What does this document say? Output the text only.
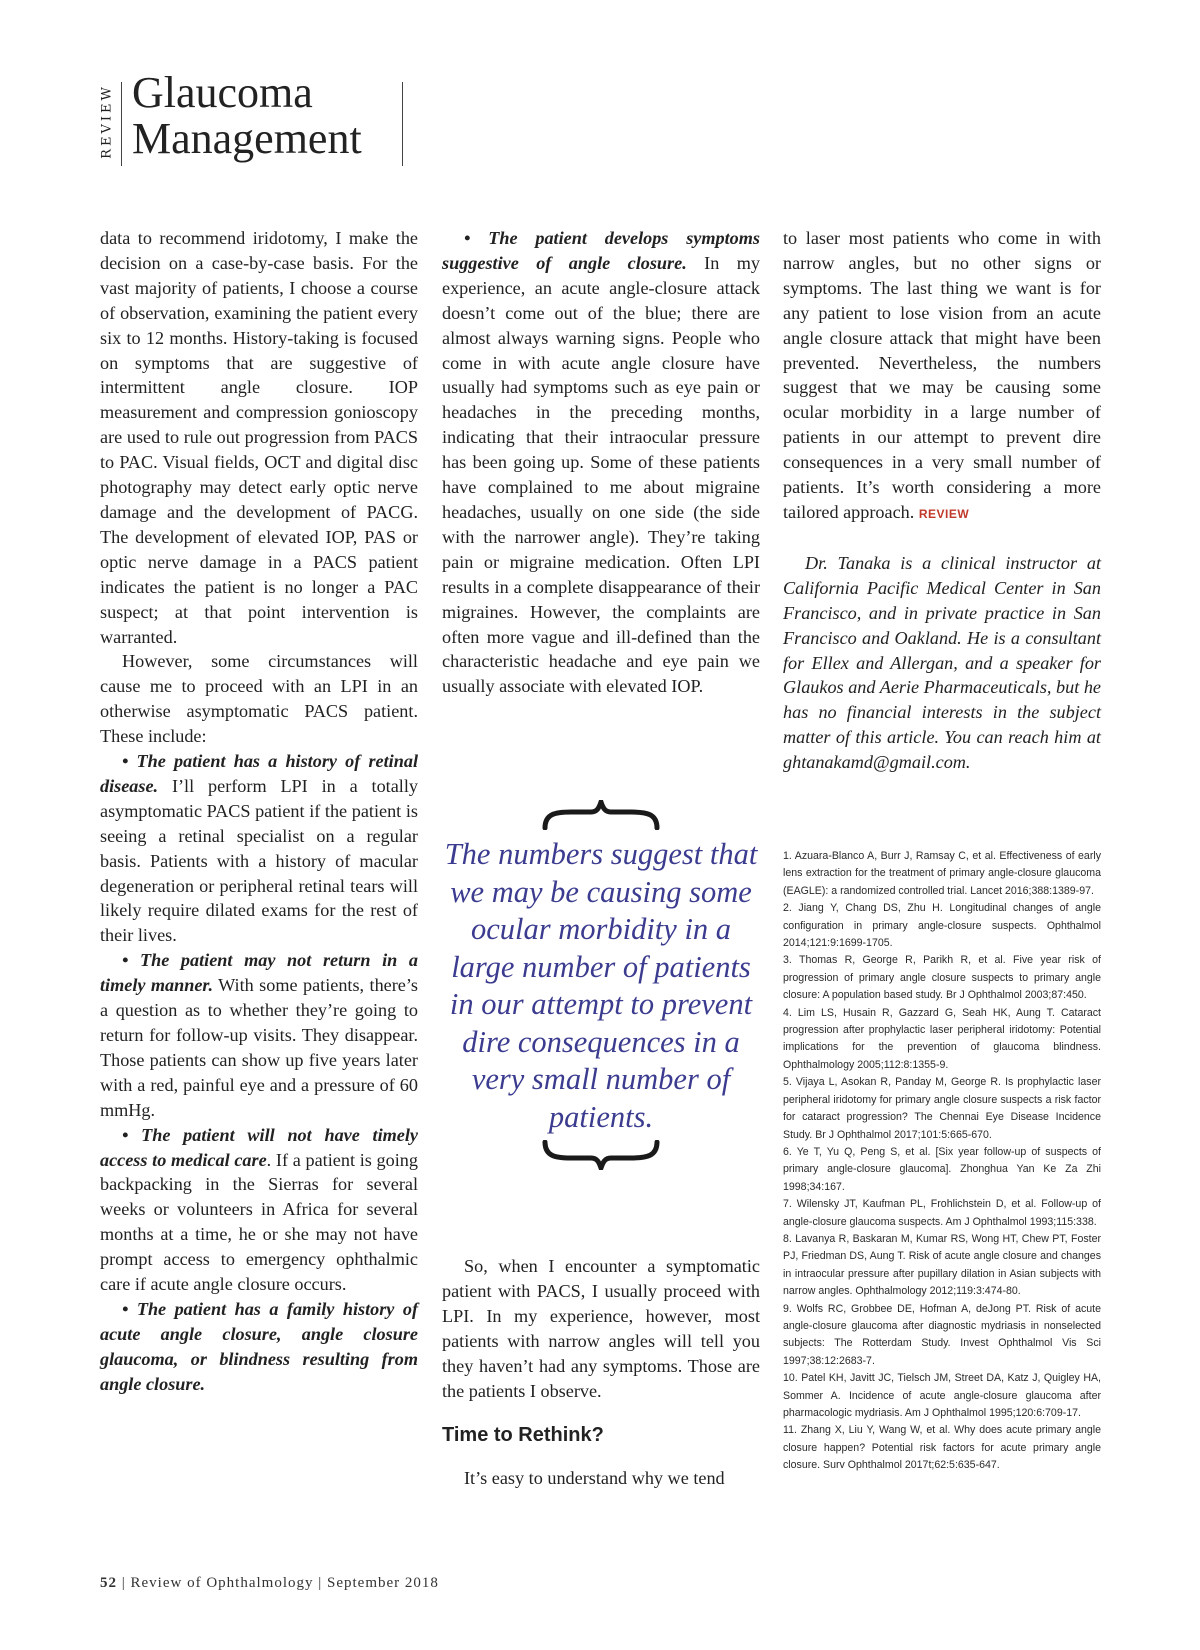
REVIEW Glaucoma
Management

data to recommend iridotomy, I make the decision on a case-by-case basis. For the vast majority of patients, I choose a course of observation, examining the patient every six to 12 months. History-taking is focused on symptoms that are suggestive of intermittent angle closure. IOP measurement and compression gonioscopy are used to rule out progression from PACS to PAC. Visual fields, OCT and digital disc photography may detect early optic nerve damage and the development of PACG. The development of elevated IOP, PAS or optic nerve damage in a PACS patient indicates the patient is no longer a PAC suspect; at that point intervention is warranted.

However, some circumstances will cause me to proceed with an LPI in an otherwise asymptomatic PACS patient. These include:

• The patient has a history of retinal disease. I’ll perform LPI in a totally asymptomatic PACS patient if the patient is seeing a retinal specialist on a regular basis. Patients with a history of macular degeneration or peripheral retinal tears will likely require dilated exams for the rest of their lives.

• The patient may not return in a timely manner. With some patients, there’s a question as to whether they’re going to return for follow-up visits. They disappear. Those patients can show up five years later with a red, painful eye and a pressure of 60 mmHg.

• The patient will not have timely access to medical care. If a patient is going backpacking in the Sierras for several weeks or volunteers in Africa for several months at a time, he or she may not have prompt access to emergency ophthalmic care if acute angle closure occurs.

• The patient has a family history of acute angle closure, angle closure glaucoma, or blindness resulting from angle closure.

• The patient develops symptoms suggestive of angle closure. In my experience, an acute angle-closure attack doesn’t come out of the blue; there are almost always warning signs. People who come in with acute angle closure have usually had symptoms such as eye pain or headaches in the preceding months, indicating that their intraocular pressure has been going up. Some of these patients have complained to me about migraine headaches, usually on one side (the side with the narrower angle). They’re taking pain or migraine medication. Often LPI results in a complete disappearance of their migraines. However, the complaints are often more vague and ill-defined than the characteristic headache and eye pain we usually associate with elevated IOP.

The numbers suggest that we may be causing some ocular morbidity in a large number of patients in our attempt to prevent dire consequences in a very small number of patients.

So, when I encounter a symptomatic patient with PACS, I usually proceed with LPI. In my experience, however, most patients with narrow angles will tell you they haven’t had any symptoms. Those are the patients I observe.

Time to Rethink?

It’s easy to understand why we tend

to laser most patients who come in with narrow angles, but no other signs or symptoms. The last thing we want is for any patient to lose vision from an acute angle closure attack that might have been prevented. Nevertheless, the numbers suggest that we may be causing some ocular morbidity in a large number of patients in our attempt to prevent dire consequences in a very small number of patients. It’s worth considering a more tailored approach. REVIEW

Dr. Tanaka is a clinical instructor at California Pacific Medical Center in San Francisco, and in private practice in San Francisco and Oakland. He is a consultant for Ellex and Allergan, and a speaker for Glaukos and Aerie Pharmaceuticals, but he has no financial interests in the subject matter of this article. You can reach him at ghtanakamd@gmail.com.

1. Azuara-Blanco A, Burr J, Ramsay C, et al. Effectiveness of early lens extraction for the treatment of primary angle-closure glaucoma (EAGLE): a randomized controlled trial. Lancet 2016;388:1389-97.

2. Jiang Y, Chang DS, Zhu H. Longitudinal changes of angle configuration in primary angle-closure suspects. Ophthalmol 2014;121:9:1699-1705.

3. Thomas R, George R, Parikh R, et al. Five year risk of progression of primary angle closure suspects to primary angle closure: A population based study. Br J Ophthalmol 2003;87:450.

4. Lim LS, Husain R, Gazzard G, Seah HK, Aung T. Cataract progression after prophylactic laser peripheral iridotomy: Potential implications for the prevention of glaucoma blindness. Ophthalmology 2005;112:8:1355-9.

5. Vijaya L, Asokan R, Panday M, George R. Is prophylactic laser peripheral iridotomy for primary angle closure suspects a risk factor for cataract progression? The Chennai Eye Disease Incidence Study. Br J Ophthalmol 2017;101:5:665-670.

6. Ye T, Yu Q, Peng S, et al. [Six year follow-up of suspects of primary angle-closure glaucoma]. Zhonghua Yan Ke Za Zhi 1998;34:167.

7. Wilensky JT, Kaufman PL, Frohlichstein D, et al. Follow-up of angle-closure glaucoma suspects. Am J Ophthalmol 1993;115:338.

8. Lavanya R, Baskaran M, Kumar RS, Wong HT, Chew PT, Foster PJ, Friedman DS, Aung T. Risk of acute angle closure and changes in intraocular pressure after pupillary dilation in Asian subjects with narrow angles. Ophthalmology 2012;119:3:474-80.

9. Wolfs RC, Grobbee DE, Hofman A, deJong PT. Risk of acute angle-closure glaucoma after diagnostic mydriasis in nonselected subjects: The Rotterdam Study. Invest Ophthalmol Vis Sci 1997;38:12:2683-7.

10. Patel KH, Javitt JC, Tielsch JM, Street DA, Katz J, Quigley HA, Sommer A. Incidence of acute angle-closure glaucoma after pharmacologic mydriasis. Am J Ophthalmol 1995;120:6:709-17.

11. Zhang X, Liu Y, Wang W, et al. Why does acute primary angle closure happen? Potential risk factors for acute primary angle closure. Surv Ophthalmol 2017t;62:5:635-647.

52 | Review of Ophthalmology | September 2018
